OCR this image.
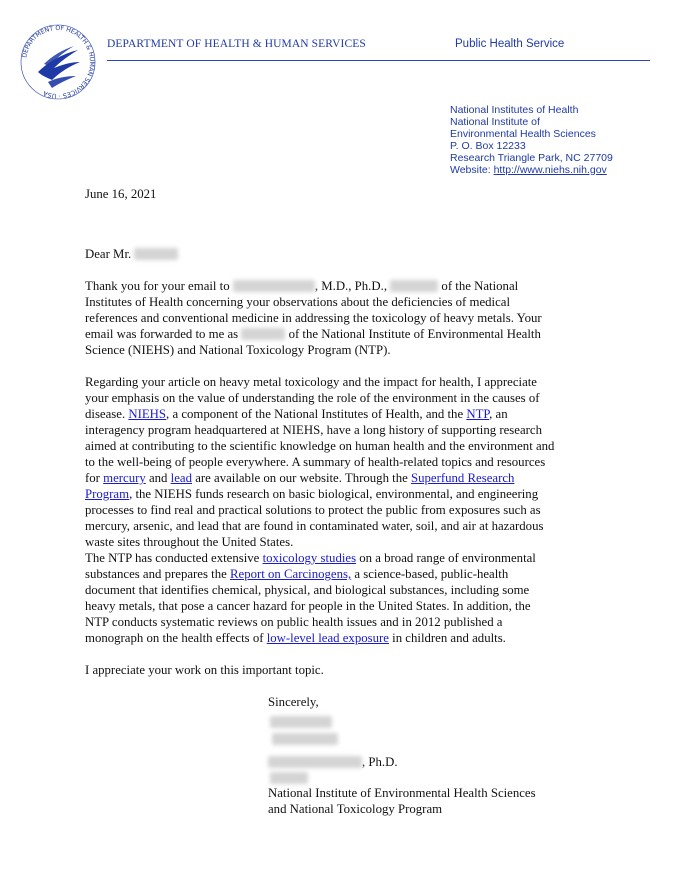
DEPARTMENT OF HEALTH & HUMAN SERVICES · USA
DEPARTMENT OF HEALTH & HUMAN SERVICES	Public Health Service
National Institutes of Health
National Institute of
Environmental Health Sciences
P. O. Box 12233
Research Triangle Park, NC 27709
Website: http://www.niehs.nih.gov
June 16, 2021
Dear Mr.
Thank you for your email to	, M.D., Ph.D.,	of the National
Institutes of Health concerning your observations about the deficiencies of medical
references and conventional medicine in addressing the toxicology of heavy metals. Your
email was forwarded to me as	of the National Institute of Environmental Health
Science (NIEHS) and National Toxicology Program (NTP).
Regarding your article on heavy metal toxicology and the impact for health, I appreciate
your emphasis on the value of understanding the role of the environment in the causes of
disease. NIEHS, a component of the National Institutes of Health, and the NTP, an
interagency program headquartered at NIEHS, have a long history of supporting research
aimed at contributing to the scientific knowledge on human health and the environment and
to the well-being of people everywhere. A summary of health-related topics and resources
for mercury and lead are available on our website. Through the Superfund Research
Program, the NIEHS funds research on basic biological, environmental, and engineering
processes to find real and practical solutions to protect the public from exposures such as
mercury, arsenic, and lead that are found in contaminated water, soil, and air at hazardous
waste sites throughout the United States.
The NTP has conducted extensive toxicology studies on a broad range of environmental
substances and prepares the Report on Carcinogens, a science-based, public-health
document that identifies chemical, physical, and biological substances, including some
heavy metals, that pose a cancer hazard for people in the United States. In addition, the
NTP conducts systematic reviews on public health issues and in 2012 published a
monograph on the health effects of low-level lead exposure in children and adults.
I appreciate your work on this important topic.
Sincerely,
, Ph.D.
National Institute of Environmental Health Sciences
and National Toxicology Program
